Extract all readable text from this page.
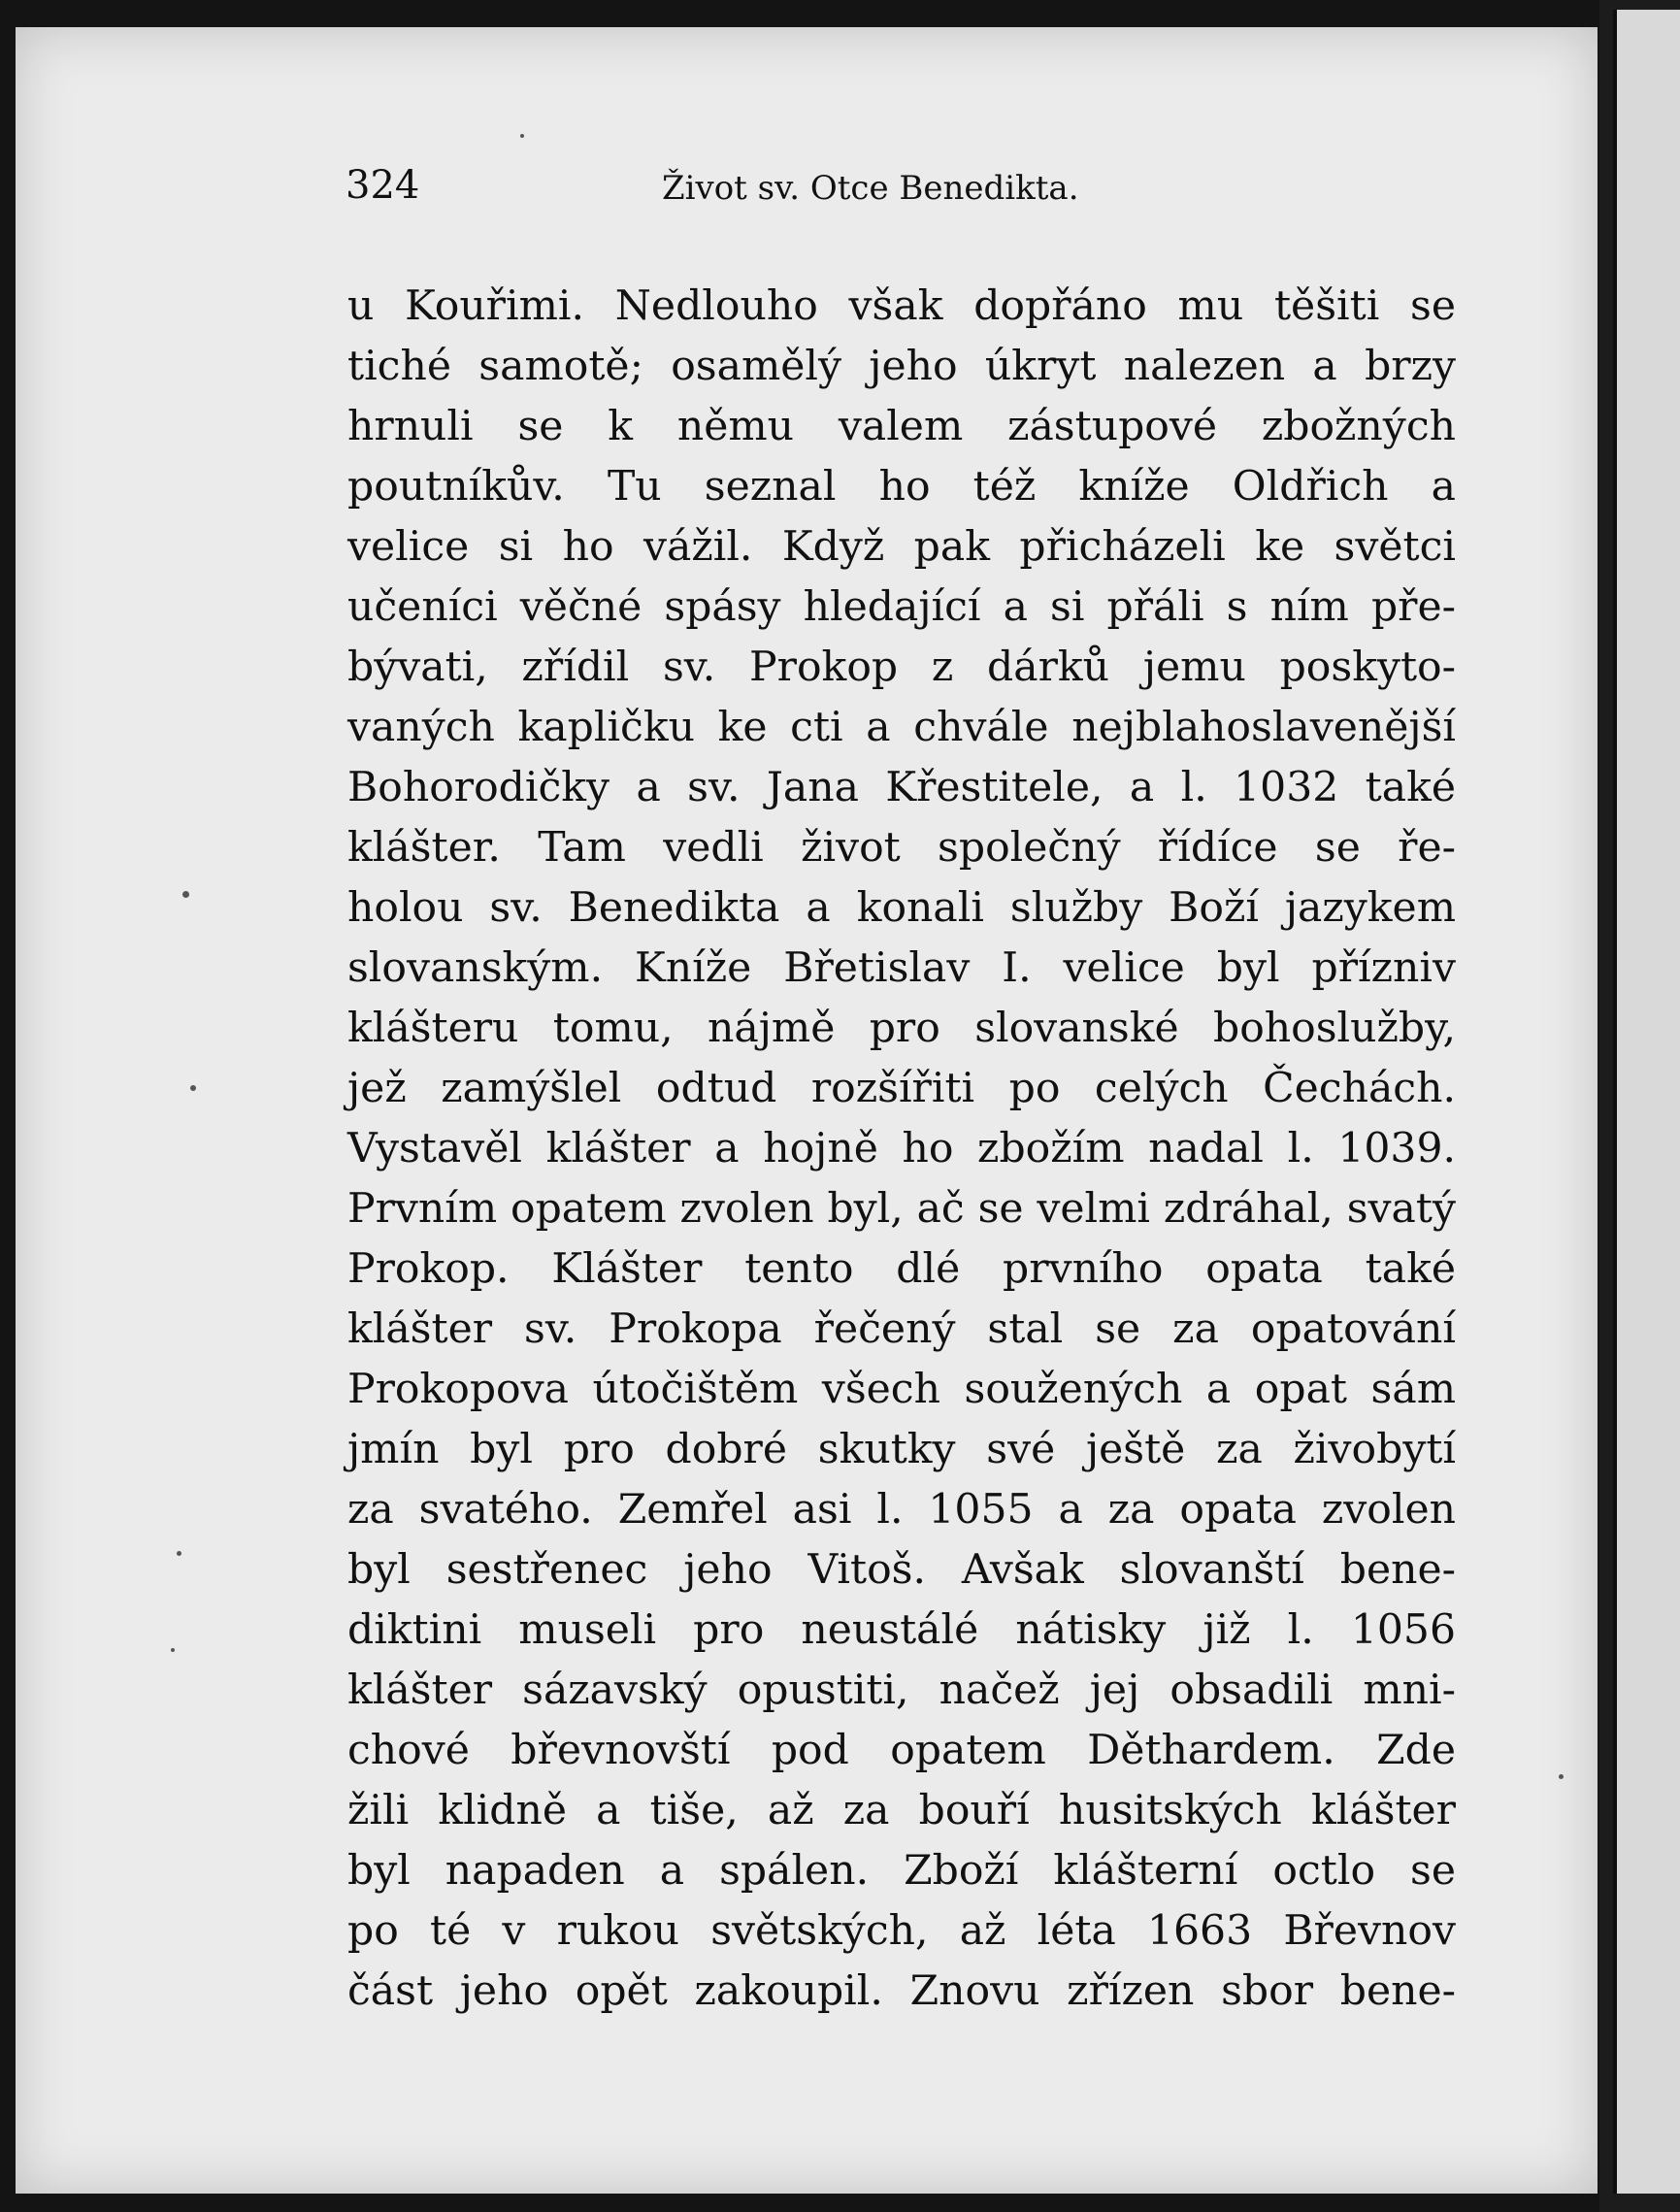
324	Život sv. Otce Benedikta.
u Kouřimi. Nedlouho však dopřáno mu těšiti se
tiché samotě; osamělý jeho úkryt nalezen a brzy
hrnuli se k němu valem zástupové zbožných
poutníkův. Tu seznal ho též kníže Oldřich a
velice si ho vážil. Když pak přicházeli ke světci
učeníci věčné spásy hledající a si přáli s ním pře-
bývati, zřídil sv. Prokop z dárků jemu poskyto-
vaných kapličku ke cti a chvále nejblahoslavenější
Bohorodičky a sv. Jana Křestitele, a l. 1032 také
klášter. Tam vedli život společný řídíce se ře-
holou sv. Benedikta a konali služby Boží jazykem
slovanským. Kníže Břetislav I. velice byl přízniv
klášteru tomu, nájmě pro slovanské bohoslužby,
jež zamýšlel odtud rozšířiti po celých Čechách.
Vystavěl klášter a hojně ho zbožím nadal l. 1039.
Prvním opatem zvolen byl, ač se velmi zdráhal, svatý
Prokop. Klášter tento dlé prvního opata také
klášter sv. Prokopa řečený stal se za opatování
Prokopova útočištěm všech soužených a opat sám
jmín byl pro dobré skutky své ještě za živobytí
za svatého. Zemřel asi l. 1055 a za opata zvolen
byl sestřenec jeho Vitoš. Avšak slovanští bene-
diktini museli pro neustálé nátisky již l. 1056
klášter sázavský opustiti, načež jej obsadili mni-
chové břevnovští pod opatem Děthardem. Zde
žili klidně a tiše, až za bouří husitských klášter
byl napaden a spálen. Zboží klášterní octlo se
po té v rukou světských, až léta 1663 Břevnov
část jeho opět zakoupil. Znovu zřízen sbor bene-
